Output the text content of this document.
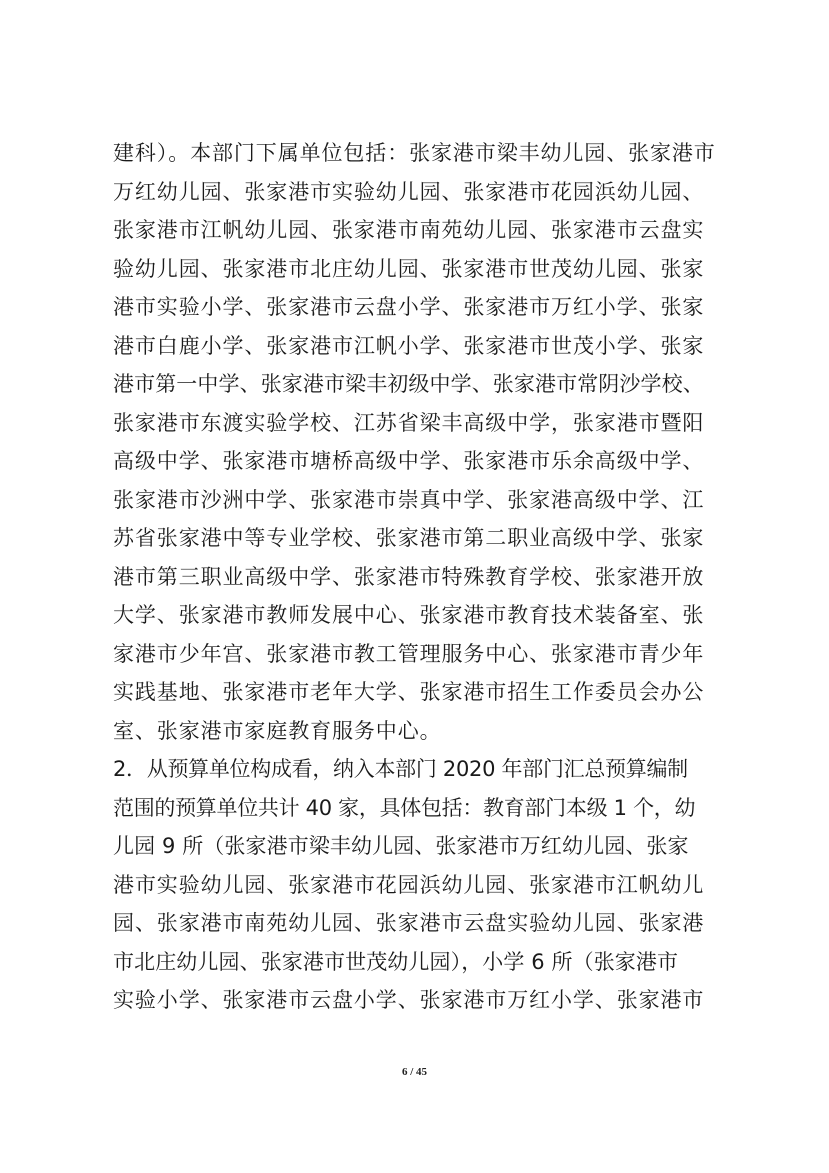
建科）。本部门下属单位包括：张家港市梁丰幼儿园、张家港市
万红幼儿园、张家港市实验幼儿园、张家港市花园浜幼儿园、
张家港市江帆幼儿园、张家港市南苑幼儿园、张家港市云盘实
验幼儿园、张家港市北庄幼儿园、张家港市世茂幼儿园、张家
港市实验小学、张家港市云盘小学、张家港市万红小学、张家
港市白鹿小学、张家港市江帆小学、张家港市世茂小学、张家
港市第一中学、张家港市梁丰初级中学、张家港市常阴沙学校、
张家港市东渡实验学校、江苏省梁丰高级中学，张家港市暨阳
高级中学、张家港市塘桥高级中学、张家港市乐余高级中学、
张家港市沙洲中学、张家港市崇真中学、张家港高级中学、江
苏省张家港中等专业学校、张家港市第二职业高级中学、张家
港市第三职业高级中学、张家港市特殊教育学校、张家港开放
大学、张家港市教师发展中心、张家港市教育技术装备室、张
家港市少年宫、张家港市教工管理服务中心、张家港市青少年
实践基地、张家港市老年大学、张家港市招生工作委员会办公
室、张家港市家庭教育服务中心。
2．从预算单位构成看，纳入本部门 2020 年部门汇总预算编制
范围的预算单位共计 40 家，具体包括：教育部门本级 1 个，幼
儿园 9 所（张家港市梁丰幼儿园、张家港市万红幼儿园、张家
港市实验幼儿园、张家港市花园浜幼儿园、张家港市江帆幼儿
园、张家港市南苑幼儿园、张家港市云盘实验幼儿园、张家港
市北庄幼儿园、张家港市世茂幼儿园），小学 6 所（张家港市
实验小学、张家港市云盘小学、张家港市万红小学、张家港市
6 / 45
